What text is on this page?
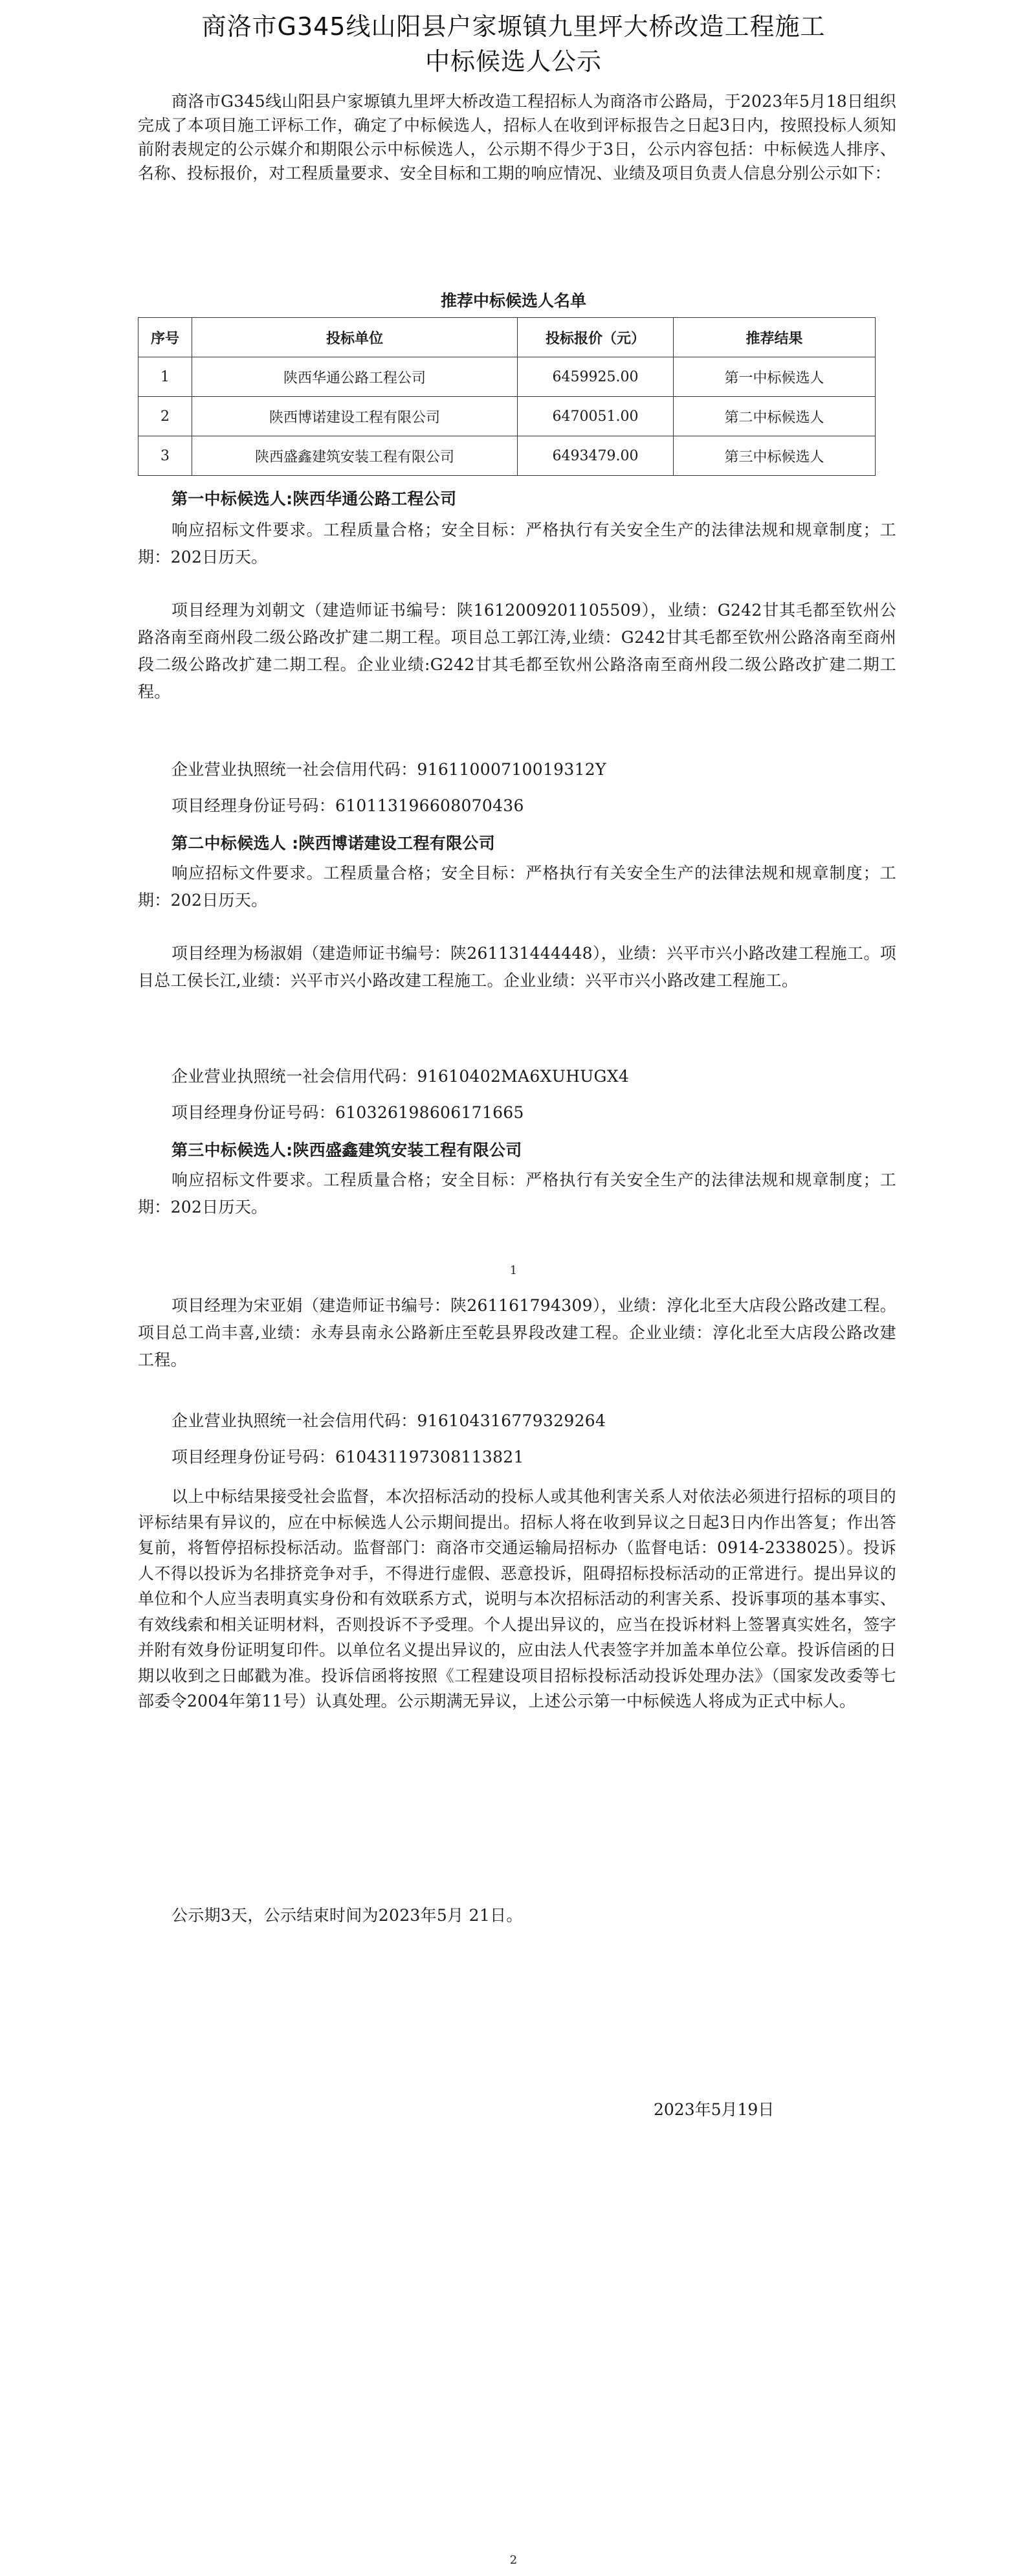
商洛市G345线山阳县户家塬镇九里坪大桥改造工程施工
中标候选人公示

商洛市G345线山阳县户家塬镇九里坪大桥改造工程招标人为商洛市公路局，于2023年5月18日组织完成了本项目施工评标工作，确定了中标候选人，招标人在收到评标报告之日起3日内，按照投标人须知前附表规定的公示媒介和期限公示中标候选人，公示期不得少于3日，公示内容包括：中标候选人排序、名称、投标报价，对工程质量要求、安全目标和工期的响应情况、业绩及项目负责人信息分别公示如下：

推荐中标候选人名单
序号	投标单位	投标报价（元）	推荐结果
1	陕西华通公路工程公司	6459925.00	第一中标候选人
2	陕西博诺建设工程有限公司	6470051.00	第二中标候选人
3	陕西盛鑫建筑安装工程有限公司	6493479.00	第三中标候选人
第一中标候选人:陕西华通公路工程公司

响应招标文件要求。工程质量合格；安全目标：严格执行有关安全生产的法律法规和规章制度；工期：202日历天。

项目经理为刘朝文（建造师证书编号：陕1612009201105509），业绩：G242甘其毛都至钦州公路洛南至商州段二级公路改扩建二期工程。项目总工郭江涛,业绩：G242甘其毛都至钦州公路洛南至商州段二级公路改扩建二期工程。企业业绩:G242甘其毛都至钦州公路洛南至商州段二级公路改扩建二期工程。

企业营业执照统一社会信用代码：91611000710019312Y
项目经理身份证号码：610113196608070436
第二中标候选人 :陕西博诺建设工程有限公司

响应招标文件要求。工程质量合格；安全目标：严格执行有关安全生产的法律法规和规章制度；工期：202日历天。

项目经理为杨淑娟（建造师证书编号：陕261131444448），业绩：兴平市兴小路改建工程施工。项目总工侯长江,业绩：兴平市兴小路改建工程施工。企业业绩：兴平市兴小路改建工程施工。

企业营业执照统一社会信用代码：91610402MA6XUHUGX4
项目经理身份证号码：610326198606171665
第三中标候选人:陕西盛鑫建筑安装工程有限公司

响应招标文件要求。工程质量合格；安全目标：严格执行有关安全生产的法律法规和规章制度；工期：202日历天。

1

项目经理为宋亚娟（建造师证书编号：陕261161794309），业绩：淳化北至大店段公路改建工程。项目总工尚丰喜,业绩：永寿县南永公路新庄至乾县界段改建工程。企业业绩：淳化北至大店段公路改建工程。

企业营业执照统一社会信用代码：916104316779329264
项目经理身份证号码：610431197308113821

以上中标结果接受社会监督，本次招标活动的投标人或其他利害关系人对依法必须进行招标的项目的评标结果有异议的，应在中标候选人公示期间提出。招标人将在收到异议之日起3日内作出答复；作出答复前，将暂停招标投标活动。监督部门：商洛市交通运输局招标办（监督电话：0914-2338025）。投诉人不得以投诉为名排挤竞争对手，不得进行虚假、恶意投诉，阻碍招标投标活动的正常进行。提出异议的单位和个人应当表明真实身份和有效联系方式，说明与本次招标活动的利害关系、投诉事项的基本事实、有效线索和相关证明材料，否则投诉不予受理。个人提出异议的，应当在投诉材料上签署真实姓名，签字并附有效身份证明复印件。以单位名义提出异议的，应由法人代表签字并加盖本单位公章。投诉信函的日期以收到之日邮戳为准。投诉信函将按照《工程建设项目招标投标活动投诉处理办法》（国家发改委等七部委令2004年第11号）认真处理。公示期满无异议，上述公示第一中标候选人将成为正式中标人。

公示期3天，公示结束时间为2023年5月 21日。
2023年5月19日
2
